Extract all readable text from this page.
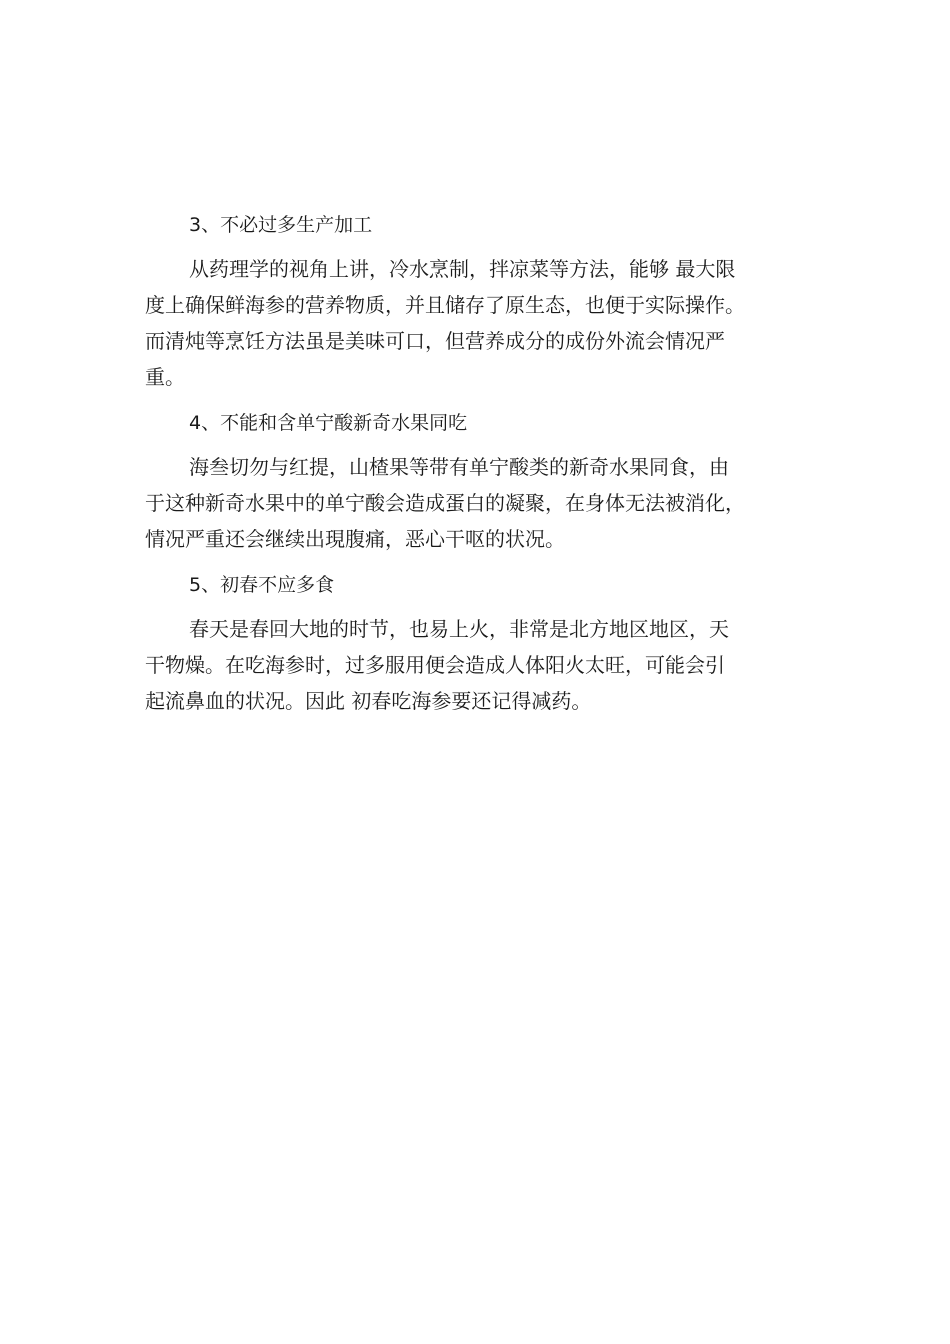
3、不必过多生产加工

从药理学的视角上讲，冷水烹制，拌凉菜等方法，能够 最大限
度上确保鲜海参的营养物质，并且储存了原生态，也便于实际操作。
而清炖等烹饪方法虽是美味可口，但营养成分的成份外流会情况严
重。

4、不能和含单宁酸新奇水果同吃

海叁切勿与红提，山楂果等带有单宁酸类的新奇水果同食，由
于这种新奇水果中的单宁酸会造成蛋白的凝聚，在身体无法被消化，
情况严重还会继续出現腹痛，恶心干呕的状况。

5、初春不应多食

春天是春回大地的时节，也易上火，非常是北方地区地区，天
干物燥。在吃海参时，过多服用便会造成人体阳火太旺，可能会引
起流鼻血的状况。因此 初春吃海参要还记得减药。
